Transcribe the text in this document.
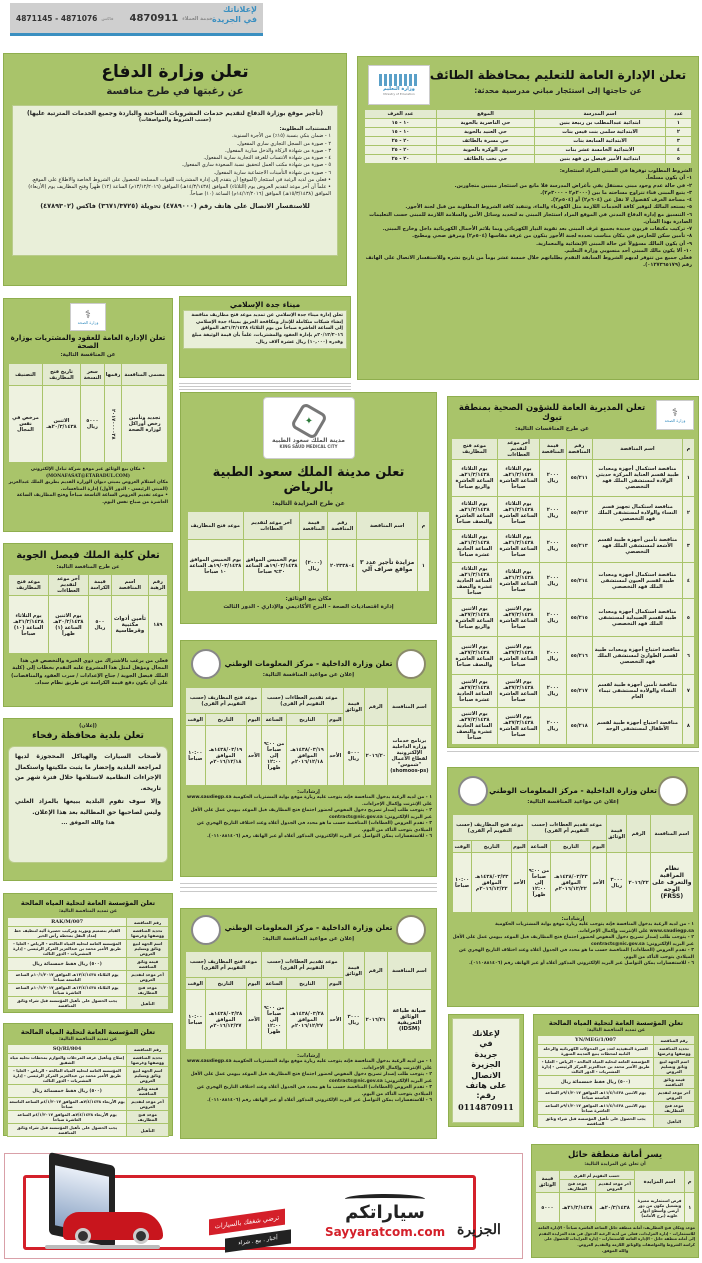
لإعلاناتك
في الجريدة
4871145 - 4871076 فاكس 4870911 خدمة العملاء
تعلن وزارة الدفاع
عن رغبتها في طرح منافسة
(تأجير موقع بوزارة الدفاع لتقديم خدمات المشروبات الساخنة والباردة وجميع الخدمات المترتبة عليها)
(حسب الشروط والمواصفات)
المستندات المطلوبة:
١ - ضمان بنكي بنسبة (١٥٪) من الأجرة السنوية.
٢ - صورة من السجل التجاري ساري المفعول.
٣ - صورة من شهادة الزكاة والدخل سارية المفعول.
٤ - صورة من شهادة الانتساب للغرفة التجارية سارية المفعول.
٥ - صورة من شهادة مكتب العمل لتحقيق نسبة السعودة ساري المفعول.
٦ - صورة من شهادة التأمينات الاجتماعية سارية المفعول.
• فعلى من لديه الرغبة في استئجار (الموقع) أن يتقدم إلى إدارة المشتريات للقوات المسلحة للحصول على الشروط الخاصة والاطلاع على الموقع.
• علماً أن آخر موعد لتقديم العروض يوم (الثلاثاء) الموافق (١٤/٣/١٤٣٨هـ) الموافق (١٣/١٢/٢٠١٦م) الساعة (١٢) ظهراً وفتح المظاريف يوم (الأربعاء) الموافق (١٥/٣/١٤٣٨هـ) الموافق (١٤/١٢/٢٠١٦م) الساعة (١٠) صباحاً.
للاستفسار الاتصال على هاتف رقم (٤٧٨٩٠٠٠) تحويلة (٣٦٧١/٣٧٢٥) فاكس (٤٧٨٩٣٠٢)
وزارة التعليم
Ministry of Education
تعلن الإدارة العامة للتعليم بمحافظة الطائف
عن حاجتها إلى استئجار مباني مدرسية محدثة:
عدد	اسم المدرسة	الموقع	عدد الغرف
١	ابتدائية عبدالمطلب بن ربيعة بنين	حي الناصرية بالحوية	١٠ - ١٥
٢	الابتدائية سلمى بنت قيس بنات	حي العنيد بالحوية	١٠ - ١٥
٣	الابتدائية السابعة بنات	حي مسرة بالطائف	٢٠ - ٢٥
٤	الابتدائية الخامسة عشر بنات	حي الوكرة بالحوية	٢٠ - ٢٥
٥	ابتدائية الأمير فيصل بن فهد بنين	حي نخب بالطائف	٢٠ - ٢٥
الشروط المطلوب توفرها في المبنى المراد استئجاره:
١- أن يكون مسلحاً.
٢- في حالة عدم وجود مبنى مستقل يفي بأغراض المدرسة فلا مانع من استئجار مبنيين متجاورين.
٣- يتبع المبنى فناء تتراوح مساحته ما بين (٢٠٠٠م٢ - ٣٠٠٠م٢).
٤- مساحة الغرف كفصول لا تقل عن (٦٠٤م٢) أو (٥٠٤م٢).
٥- يستعد المالك لتوفير كافة الخدمات اللازمة مثل الكهرباء والماء، وتنفيذ كافة الشروط المطلوبة من قبل لجنة الأجور.
٦- التنسيق مع إدارة الدفاع المدني في الموقع المراد استئجار المبنى به لتحديد وسائل الأمن والسلامة اللازمة للمبنى حسب التعليمات الصادرة بهذا الشأن.
٧- تركيب مكيفات فريون جديدة بجميع غرف المبنى بعد تقوية التيار الكهربائي وبما يلائم الأحمال الكهربائية داخل وخارج المبنى.
٨- تأمين سكن للحارس في مكان مناسب تحدده لجنة الأجور يتكون من غرفة مقاسها (٥٠٤م٢) ومرفق صحي ومطبخ.
٩- أن يكون المالك مسؤولاً عن حالة المبنى الإنشائية والمعمارية.
١٠- ألا يكون مالك المبنى أحد منسوبي وزارة التعليم.
فعلى جميع من تتوفر لديهم الشروط السابقة التقدم بطلباتهم خلال خمسة عشر يوماً من تاريخ نشره وللاستفسار الاتصال على الهاتف رقم (٠١٢٧٣٦٥١٧٩).
⚕
وزارة الصحة
تعلن الإدارة العامة للعقود والمشتريات بوزارة الصحة
عن المنافسة التالية:
مسمى المنافسة	رقمها	سعر النسخة	تاريخ فتح المظاريف	التصنيف
تجديد وتأمين رخص أوراكل لوزارة الصحة	٢٠١٧٠٠٠٠٢٨	٥٠٠٠ ريال	الاثنين ٢٠/٣/١٤٣٨هـ	مرخص في نفس المجال
• مكان بيع الوثائق عبر موقع شركة تبادل الإلكتروني
(MONAFASAT@ETABADUL.COM)
مكان استلام العروض بمبنى ديوان الوزارة القديم بطريق الملك عبدالعزيز (المبنى الرئيسي - الدور الأول) إدارة المنافسات.
• موعد تقديم العروض الساعة التاسعة صباحاً وفتح المظاريف الساعة العاشرة من صباح نفس اليوم.
ميناء جدة الإسلامي
تعلن إدارة ميناء جدة الإسلامي عن تمديد موعد فتح مظاريف منافسة إنشاء شبكات متكاملة للإنذار ومكافحة الحريق بميناء جدة الإسلامي إلى الساعة العاشرة صباحاً من يوم الثلاثاء ٢١/٣/١٤٣٨هـ الموافق ٢٠/١٢/٢٠١٦م بإدارة العقود والمشتريات، علماً بأن قيمة الوثيقة مبلغ وقدره (١٠,٠٠٠) ريال عشرة آلاف ريال.
✦
مدينة الملك سعود الطبية
KING SAUD MEDICAL CITY
تعلن مدينة الملك سعود الطبية بالرياض
عن طرح المزايدة التالية:
م	اسم المناقصة	رقم المناقصة	قيمة المناقصة	آخر موعد لتقديم العطاءات	موعد فتح المظاريف
١	مزايدة تأجير عدد ٣ مواقع صراف آلي	٢٠٢٣٣٨٠٤	(٢٠٠٠) ريال	يوم الخميس الموافق ١٩/٠٣/١٤٣٨هـ الساعة ٩:٣٠ صباحاً	يوم الخميس الموافق ١٩/٠٣/١٤٣٨هـ الساعة ١٠ صباحاً
مكان بيع الوثائق:
إدارة اقتصاديات الصحة - البرج الأكاديمي والإداري - الدور الثالث
⚕
وزارة الصحة
تعلن المديرية العامة للشؤون الصحية بمنطقة تبوك
عن طرح المنافسات التالية:
م	اسم المناقصة	رقم المناقصة	قيمة المناقصة	آخر موعد لتقديم العطاءات	موعد فتح المظاريف
١	مناقصة استكمال أجهزة ومعدات طبية لقسم العناية المركزة حديثي الولادة لمستشفى الملك فهد التخصصي	٥٥/٢١١	٢٠٠٠ ريال	يوم الثلاثاء ٢١/٣/١٤٣٨هـ الساعة العاشرة صباحاً	يوم الثلاثاء ٢١/٣/١٤٣٨هـ الساعة العاشرة والربع صباحاً
٢	مناقصة استكمال تجهيز قسم النساء والولادة لمستشفى الملك فهد التخصصي	٥٥/٢١٢	٢٠٠٠ ريال	يوم الثلاثاء ٢١/٣/١٤٣٨هـ الساعة العاشرة صباحاً	يوم الثلاثاء ٢١/٣/١٤٣٨هـ الساعة العاشرة والنصف صباحاً
٣	مناقصة تأمين أجهزة طبية لقسم الأشعة لمستشفى الملك فهد التخصصي	٥٥/٢١٣	٢٠٠٠ ريال	يوم الثلاثاء ٢١/٣/١٤٣٨هـ الساعة العاشرة صباحاً	يوم الثلاثاء ٢١/٣/١٤٣٨هـ الساعة الحادية عشرة صباحاً
٤	مناقصة استكمال أجهزة ومعدات طبية لقسم العيون لمستشفى الملك فهد التخصصي	٥٥/٢١٤	٢٠٠٠ ريال	يوم الثلاثاء ٢١/٣/١٤٣٨هـ الساعة العاشرة صباحاً	يوم الثلاثاء ٢١/٣/١٤٣٨هـ الساعة الحادية عشرة والنصف صباحاً
٥	مناقصة استكمال أجهزة ومعدات طبية لقسم الصيدلية لمستشفى الملك فهد التخصصي	٥٥/٢١٥	٢٠٠٠ ريال	يوم الاثنين ٢٧/٣/١٤٣٨هـ الساعة العاشرة صباحاً	يوم الاثنين ٢٧/٣/١٤٣٨هـ الساعة العاشرة والربع صباحاً
٦	مناقصة احتياج أجهزة ومعدات طبية لقسم الطوارئ لمستشفى الملك فهد التخصصي	٥٥/٢١٦	٢٠٠٠ ريال	يوم الاثنين ٢٧/٣/١٤٣٨هـ الساعة العاشرة صباحاً	يوم الاثنين ٢٧/٣/١٤٣٨هـ الساعة العاشرة والنصف صباحاً
٧	مناقصة تأمين أجهزة طبية لقسم النساء والولادة لمستشفى تيماء العام	٥٥/٢١٧	٢٠٠٠ ريال	يوم الاثنين ٢٧/٣/١٤٣٨هـ الساعة العاشرة صباحاً	يوم الاثنين ٢٧/٣/١٤٣٨هـ الساعة الحادية عشرة صباحاً
٨	مناقصة احتياج أجهزة طبية لقسم الأطفال لمستشفى الوجه	٥٥/٢١٨	٢٠٠٠ ريال	يوم الاثنين ٢٧/٣/١٤٣٨هـ الساعة العاشرة صباحاً	يوم الاثنين ٢٧/٣/١٤٣٨هـ الساعة الحادية عشرة والنصف صباحاً
تعلن كلية الملك فيصل الجوية
عن طرح المناقصة التالية:
رقم الرهبة	اسم المناقصة	قيمة الكراسة	آخر موعد لتقديم العطاءات	موعد فتح المظاريف
١٨٩	تأمين أدوات مكتبية وقرطاسية	٥٠٠ ريال	يوم الاثنين ٢٠/٣/١٤٣٨هـ الساعة (١) ظهراً	يوم الثلاثاء ٢١/٣/١٤٣٨هـ الساعة (١٠) صباحاً
فعلى من يرغب بالاشتراك من ذوي الخبرة والتخصص في هذا المجال ومؤهل لمثل هذا المشروع عليه التقدم بخطاب إلى (كلية الملك فيصل الجوية / جناح الإعدادات / سرب العقود والمناقصات) على أن يكون دفع قيمة الكراسة عن طريق نظام سداد.
(إعلان)
تعلن بلدية محافظة رفحاء
لأصحاب السيارات والهياكل المحجوزة لديها لمراجعة البلدية وإحضار ما يثبت ملكيتها واستكمال الإجراءات النظامية لاستلامها خلال فترة شهر من تاريخه.
وإلا سوف تقوم البلدية ببيعها بالمزاد العلني وليس لصاحبها حق المطالبة بعد هذا الإعلان.
هذا والله الموفق ...
تعلن وزارة الداخلية - مركز المعلومات الوطني
إعلان عن مواعيد المنافسة التالية:
اسم المنافسة	الرقم	قيمة الوثائق	موعد تقديم العطاءات (حسب التقويم أم القرى)			موعد فتح المظاريف (حسب التقويم أم القرى)		
			اليوم	التاريخ	الساعة	اليوم	التاريخ	الوقت
برنامج خدمات وزارة الداخلية الإلكترونية لقطاع الأعمال "شموس" (shomoos-ps)	٢٠١٦/٢٠	٥٠٠٠ ريال	الأحد	١٤٣٨/٠٣/١٩هـ الموافق ٢٠١٦/١٢/١٨م	من ٩:٠٠ صباحاً إلى ١٢:٠٠ ظهراً	الأحد	١٤٣٨/٠٣/١٩هـ الموافق ٢٠١٦/١٢/١٨م	١٠:٠٠ صباحاً
إرشادات:
١ - من لديه الرغبة بدخول المنافسة فإنه يتوجب عليه زيارة موقع بوابة المشتريات الحكومية www.saudiegp.sa على الإنترنت وإكمال الإجراءات.
٢ - يتوجب طلب إصدار تصريح دخول المفوض لحضور اجتماع فتح المظاريف قبل الموعد بيومي عمل على الأقل عبر البريد الإلكتروني: contracts@nic.gov.sa
٣ - تقدم العروض (العطاءات) المناقصة حسب ما هو محدد في الجدول أعلاه وعند اختلاف التاريخ الهجري عن الميلادي يتوجب التأكد من اليوم.
٦ - للاستفسارات يمكن التواصل عبر البريد الإلكتروني المذكور أعلاه أو عبر الهاتف رقم (٠١١٠٨٨١٤٠٦).
تعلن وزارة الداخلية - مركز المعلومات الوطني
إعلان عن مواعيد المنافسة التالية:
اسم المنافسة	الرقم	قيمة الوثائق	موعد تقديم العطاءات (حسب التقويم أم القرى)			موعد فتح المظاريف (حسب التقويم أم القرى)		
			اليوم	التاريخ	الساعة	اليوم	التاريخ	الوقت
نظام المراقبة والتعرف على الوجه (FRSS)	٢٠١٦/٢٢	٣٠٠٠ ريال	الأحد	١٤٣٨/٠٣/٢٣هـ الموافق ٢٠١٦/١٢/٢٢م	من ٩:٠٠ صباحاً إلى ١٢:٠٠ ظهراً	الأحد	١٤٣٨/٠٣/٢٣هـ الموافق ٢٠١٦/١٢/٢٢م	١٠:٠٠ صباحاً
إرشادات:
١ - من لديه الرغبة بدخول المنافسة فإنه يتوجب عليه زيارة موقع بوابة المشتريات الحكومية www.saudiegp.sa على الإنترنت وإكمال الإجراءات.
٢ - يتوجب طلب إصدار تصريح دخول المفوض لحضور اجتماع فتح المظاريف قبل الموعد بيومي عمل على الأقل عبر البريد الإلكتروني: contracts@nic.gov.sa
٣ - تقدم العروض (العطاءات) المناقصة حسب ما هو محدد في الجدول أعلاه وعند اختلاف التاريخ الهجري عن الميلادي يتوجب التأكد من اليوم.
٦ - للاستفسارات يمكن التواصل عبر البريد الإلكتروني المذكور أعلاه أو عبر الهاتف رقم (٠١١٠٨٨١٤٠٦).
تعلن وزارة الداخلية - مركز المعلومات الوطني
إعلان عن مواعيد المنافسة التالية:
اسم المنافسة	الرقم	قيمة الوثائق	موعد تقديم العطاءات (حسب التقويم أم القرى)			موعد فتح المظاريف (حسب التقويم أم القرى)		
			اليوم	التاريخ	الساعة	اليوم	التاريخ	الوقت
صيانة طباعة الوثائق التعريفية (IDSM)	٢٠١٦/٢١	٣٠٠٠ ريال	الأحد	١٤٣٨/٠٣/٢٨هـ الموافق ٢٠١٦/١٢/٢٧م	من ٩:٠٠ صباحاً إلى ١٢:٠٠ ظهراً	الأحد	١٤٣٨/٠٣/٢٨هـ الموافق ٢٠١٦/١٢/٢٧م	١٠:٠٠ صباحاً
إرشادات:
١ - من لديه الرغبة بدخول المنافسة فإنه يتوجب عليه زيارة موقع بوابة المشتريات الحكومية www.saudiegp.sa على الإنترنت وإكمال الإجراءات.
٢ - يتوجب طلب إصدار تصريح دخول المفوض لحضور اجتماع فتح المظاريف قبل الموعد بيومي عمل على الأقل عبر البريد الإلكتروني: contracts@nic.gov.sa
٣ - تقدم العروض (العطاءات) المناقصة حسب ما هو محدد في الجدول أعلاه وعند اختلاف التاريخ الهجري عن الميلادي يتوجب التأكد من اليوم.
٦ - للاستفسارات يمكن التواصل عبر البريد الإلكتروني المذكور أعلاه أو عبر الهاتف رقم (٠١١٠٨٨١٤٠٦).
تعلن المؤسسة العامة لتحلية المياه المالحة
عن تمديد المناقصة التالية:
رقم المناقصة	RAK/M/007
تحديد المناقصة ووصفها وغرضها	القيام بتصميم وتوريد وتركيب حصيرة آلية لتنظيف خط إمداد النقل بمحطة رأس الخير
اسم الجهة لبيع وثائق وتسليم العروض	المؤسسة العامة لتحلية المياه المالحة - الرياض - العليا - طريق الأمير محمد بن عبدالعزيز المركز الرئيسي - إدارة المشتريات - الدور الثالث
قيمة وثائق المناقصة	(٥٠٠) ريال فقط خمسمائة ريال
آخر موعد لتقديم العروض	يوم الثلاثاء ١٣/٤/١٤٣٨هـ الموافق ١٠/١/٢٠١٧م الساعة التاسعة صباحاً
موعد فتح المظاريف	يوم الثلاثاء ١٣/٤/١٤٣٨هـ الموافق ١٠/١/٢٠١٧م الساعة العاشرة صباحاً
التأهيل	يجب الحصول على تأهيل المؤسسة قبل شراء وثائق المناقصة
تعلن المؤسسة العامة لتحلية المياه المالحة
عن تمديد المناقصة التالية:
رقم المناقصة	SQ/RI/804
تحديد المناقصة ووصفها وغرضها	إصلاح وتأهيل غرفة المرحلات والعوازم بمحطات تحلية مياه الشقيق
اسم الجهة لبيع وثائق وتسليم العروض	المؤسسة العامة لتحلية المياه المالحة - الرياض - العليا - طريق الأمير محمد بن عبدالعزيز المركز الرئيسي - إدارة المشتريات - الدور الثالث
قيمة وثائق المناقصة	(٥٠٠) ريال فقط خمسمائة ريال
آخر موعد لتقديم العروض	يوم الأربعاء ٧/٤/١٤٣٨هـ الموافق ٤/١/٢٠١٧م الساعة التاسعة صباحاً
موعد فتح المظاريف	يوم الأربعاء ٧/٤/١٤٣٨هـ الموافق ٤/١/٢٠١٧م الساعة العاشرة صباحاً
التأهيل	يجب الحصول على تأهيل المؤسسة قبل شراء وثائق المناقصة
لإعلانك
في
جريدة
الجزيرة
الاتصال
على هاتف
رقم:
0114870911
تعلن المؤسسة العامة لتحلية المياه المالحة
عن تمديد المناقصة التالية:
رقم المناقصة	YN/MEG/1/007
تحديد المناقصة ووصفها وغرضها	الصيرة التنفيذية لعدد من المحولات الكهربائية والرحلة الثانية لمحطات ينبع المدينة المنورة
اسم الجهة لبيع وثائق وتسليم العروض	المؤسسة العامة لتحلية المياه المالحة - الرياض - العليا - طريق الأمير محمد بن عبدالعزيز المركز الرئيسي - إدارة المشتريات - الدور الثالث
قيمة وثائق المناقصة	(٥٠٠) ريال فقط خمسمائة ريال
آخر موعد لتقديم العروض	يوم الاثنين ١١/٤/١٤٣٨هـ الموافق ٩/١/٢٠١٧م الساعة التاسعة صباحاً
موعد فتح المظاريف	يوم الاثنين ١١/٤/١٤٣٨هـ الموافق ٩/١/٢٠١٧م الساعة العاشرة صباحاً
التأهيل	يجب الحصول على تأهيل المؤسسة قبل شراء وثائق المناقصة
ترضي شغفك بالسيارات
أخبار . بيع . شراء
سياراتكم
Sayyaratcom.com الجزيرة
يسر أمانة منطقة حائل
أن تعلن عن المزايدة التالية:
م	اسم المزايدة	حسب التقويم أم القرى		قيمة الوثائق
		آخر موعد لتقديم العروض	موعد فتح المظاريف	
١	فرص استثمارية مميزة وتشغيل مكون من دور أرضي وأسطح أدوار علوية (برج الأمانة)	٢٠/٣/١٤٣٨هـ	٢١/٣/١٤٣٨هـ	٥٠٠٠
موعد ومكان فتح المظاريف: أمانة منطقة حائل الساعة العاشرة صباحاً - الإدارة العامة للاستثمارات - إدارة المزايدات، فعلى من لديه الرغبة الدخول في هذه المزايدة التقدم إلى أمانة منطقة حائل - الإدارة العامة للاستثمارات - إدارة المزايدات للحصول على كراسة الشروط والمواصفات والوثائق اللازمة والتقديم العروض.
والله الموفق.
